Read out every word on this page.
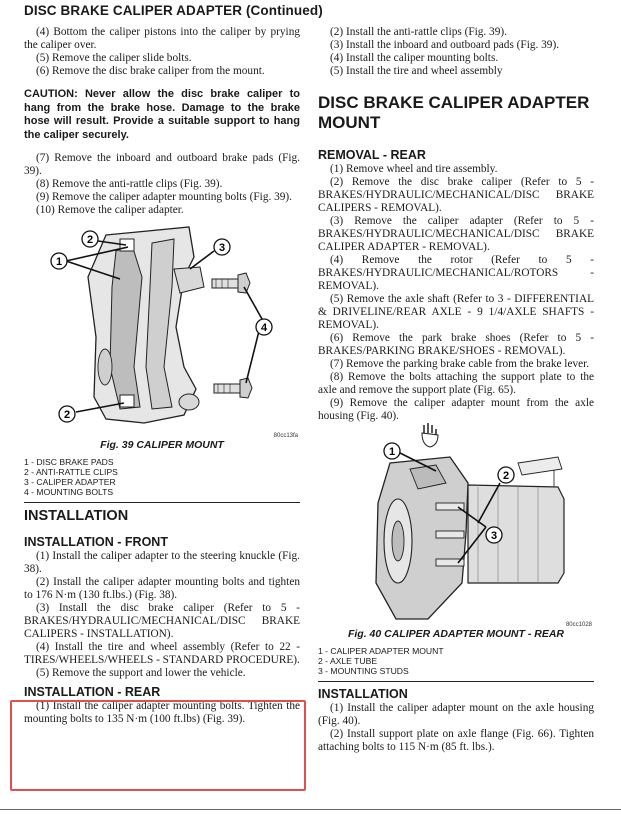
DISC BRAKE CALIPER ADAPTER (Continued)

(4) Bottom the caliper pistons into the caliper by prying the caliper over.

(5) Remove the caliper slide bolts.

(6) Remove the disc brake caliper from the mount.

CAUTION: Never allow the disc brake caliper to hang from the brake hose. Damage to the brake hose will result. Provide a suitable support to hang the caliper securely.

(7) Remove the inboard and outboard brake pads (Fig. 39).

(8) Remove the anti-rattle clips (Fig. 39).

(9) Remove the caliper adapter mounting bolts (Fig. 39).

(10) Remove the caliper adapter.

1
2
3
4
2
80cc13fa

Fig. 39 CALIPER MOUNT

1 - DISC BRAKE PADS

2 - ANTI-RATTLE CLIPS

3 - CALIPER ADAPTER

4 - MOUNTING BOLTS

INSTALLATION
INSTALLATION - FRONT

(1) Install the caliper adapter to the steering knuckle (Fig. 38).

(2) Install the caliper adapter mounting bolts and tighten to 176 N·m (130 ft.lbs.) (Fig. 38).

(3) Install the disc brake caliper (Refer to 5 - BRAKES/HYDRAULIC/MECHANICAL/DISC BRAKE CALIPERS - INSTALLATION).

(4) Install the tire and wheel assembly (Refer to 22 - TIRES/WHEELS/WHEELS - STANDARD PROCEDURE).

(5) Remove the support and lower the vehicle.

INSTALLATION - REAR

(1) Install the caliper adapter mounting bolts. Tighten the mounting bolts to 135 N·m (100 ft.lbs) (Fig. 39).

(2) Install the anti-rattle clips (Fig. 39).

(3) Install the inboard and outboard pads (Fig. 39).

(4) Install the caliper mounting bolts.

(5) Install the tire and wheel assembly

DISC BRAKE CALIPER ADAPTER MOUNT
REMOVAL - REAR

(1) Remove wheel and tire assembly.

(2) Remove the disc brake caliper (Refer to 5 - BRAKES/HYDRAULIC/MECHANICAL/DISC BRAKE CALIPERS - REMOVAL).

(3) Remove the caliper adapter (Refer to 5 - BRAKES/HYDRAULIC/MECHANICAL/DISC BRAKE CALIPER ADAPTER - REMOVAL).

(4) Remove the rotor (Refer to 5 - BRAKES/HYDRAULIC/MECHANICAL/ROTORS - REMOVAL).

(5) Remove the axle shaft (Refer to 3 - DIFFERENTIAL & DRIVELINE/REAR AXLE - 9 1/4/AXLE SHAFTS - REMOVAL).

(6) Remove the park brake shoes (Refer to 5 - BRAKES/PARKING BRAKE/SHOES - REMOVAL).

(7) Remove the parking brake cable from the brake lever.

(8) Remove the bolts attaching the support plate to the axle and remove the support plate (Fig. 65).

(9) Remove the caliper adapter mount from the axle housing (Fig. 40).

1
2
3
80cc1028

Fig. 40 CALIPER ADAPTER MOUNT - REAR

1 - CALIPER ADAPTER MOUNT

2 - AXLE TUBE

3 - MOUNTING STUDS

INSTALLATION

(1) Install the caliper adapter mount on the axle housing (Fig. 40).

(2) Install support plate on axle flange (Fig. 66). Tighten attaching bolts to 115 N·m (85 ft. lbs.).
